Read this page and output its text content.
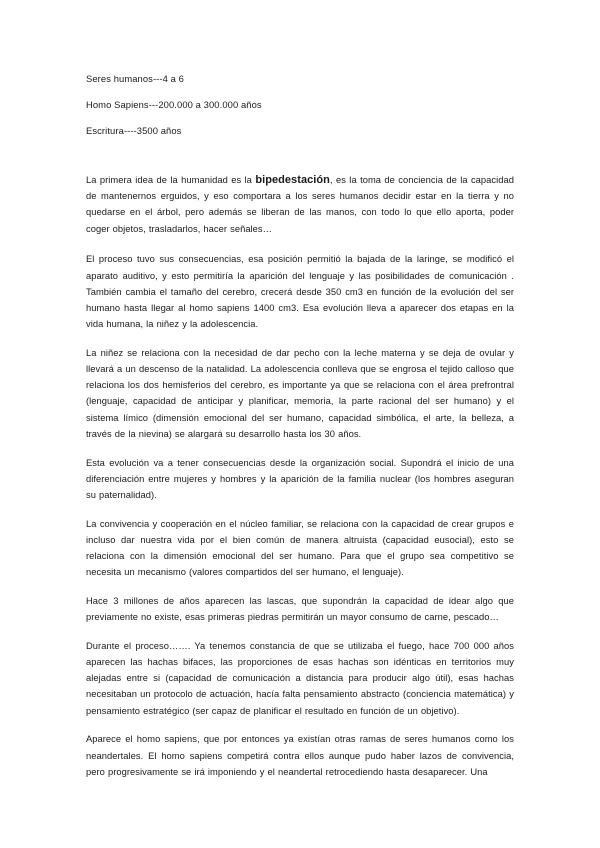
Seres humanos---4 a 6
Homo Sapiens---200.000 a 300.000 años
Escritura----3500 años

La primera idea de la humanidad es la bipedestación, es la toma de conciencia de la capacidad de mantenernos erguidos, y eso comportara a los seres humanos decidir estar en la tierra y no quedarse en el árbol, pero además se liberan de las manos, con todo lo que ello aporta, poder coger objetos, trasladarlos, hacer señales…

El proceso tuvo sus consecuencias, esa posición permitió la bajada de la laringe, se modificó el aparato auditivo, y esto permitiría la aparición del lenguaje y las posibilidades de comunicación . También cambia el tamaño del cerebro, crecerá desde 350 cm3 en función de la evolución del ser humano hasta llegar al homo sapiens 1400 cm3. Esa evolución lleva a aparecer dos etapas en la vida humana, la niñez y la adolescencia.

La niñez se relaciona con la necesidad de dar pecho con la leche materna y se deja de ovular y llevará a un descenso de la natalidad. La adolescencia conlleva que se engrosa el tejido calloso que relaciona los dos hemisferios del cerebro, es importante ya que se relaciona con el área prefrontral (lenguaje, capacidad de anticipar y planificar, memoria, la parte racional del ser humano) y el sistema límico (dimensión emocional del ser humano, capacidad simbólica, el arte, la belleza, a través de la nievina) se alargará su desarrollo hasta los 30 años.

Esta evolución va a tener consecuencias desde la organización social. Supondrá el inicio de una diferenciación entre mujeres y hombres y la aparición de la familia nuclear (los hombres aseguran su paternalidad).

La convivencia y cooperación en el núcleo familiar, se relaciona con la capacidad de crear grupos e incluso dar nuestra vida por el bien común de manera altruista (capacidad eusocial), esto se relaciona con la dimensión emocional del ser humano. Para que el grupo sea competitivo se necesita un mecanismo (valores compartidos del ser humano, el lenguaje).

Hace 3 millones de años aparecen las lascas, que supondrán la capacidad de idear algo que previamente no existe, esas primeras piedras permitirán un mayor consumo de carne, pescado…

Durante el proceso……. Ya tenemos constancia de que se utilizaba el fuego, hace 700 000 años aparecen las hachas bifaces, las proporciones de esas hachas son idénticas en territorios muy alejadas entre si (capacidad de comunicación a distancia para producir algo útil), esas hachas necesitaban un protocolo de actuación, hacía falta pensamiento abstracto (conciencia matemática) y pensamiento estratégico (ser capaz de planificar el resultado en función de un objetivo).

Aparece el homo sapiens, que por entonces ya existían otras ramas de seres humanos como los neandertales. El homo sapiens competirá contra ellos aunque pudo haber lazos de convivencia, pero progresivamente se irá imponiendo y el neandertal retrocediendo hasta desaparecer. Una
